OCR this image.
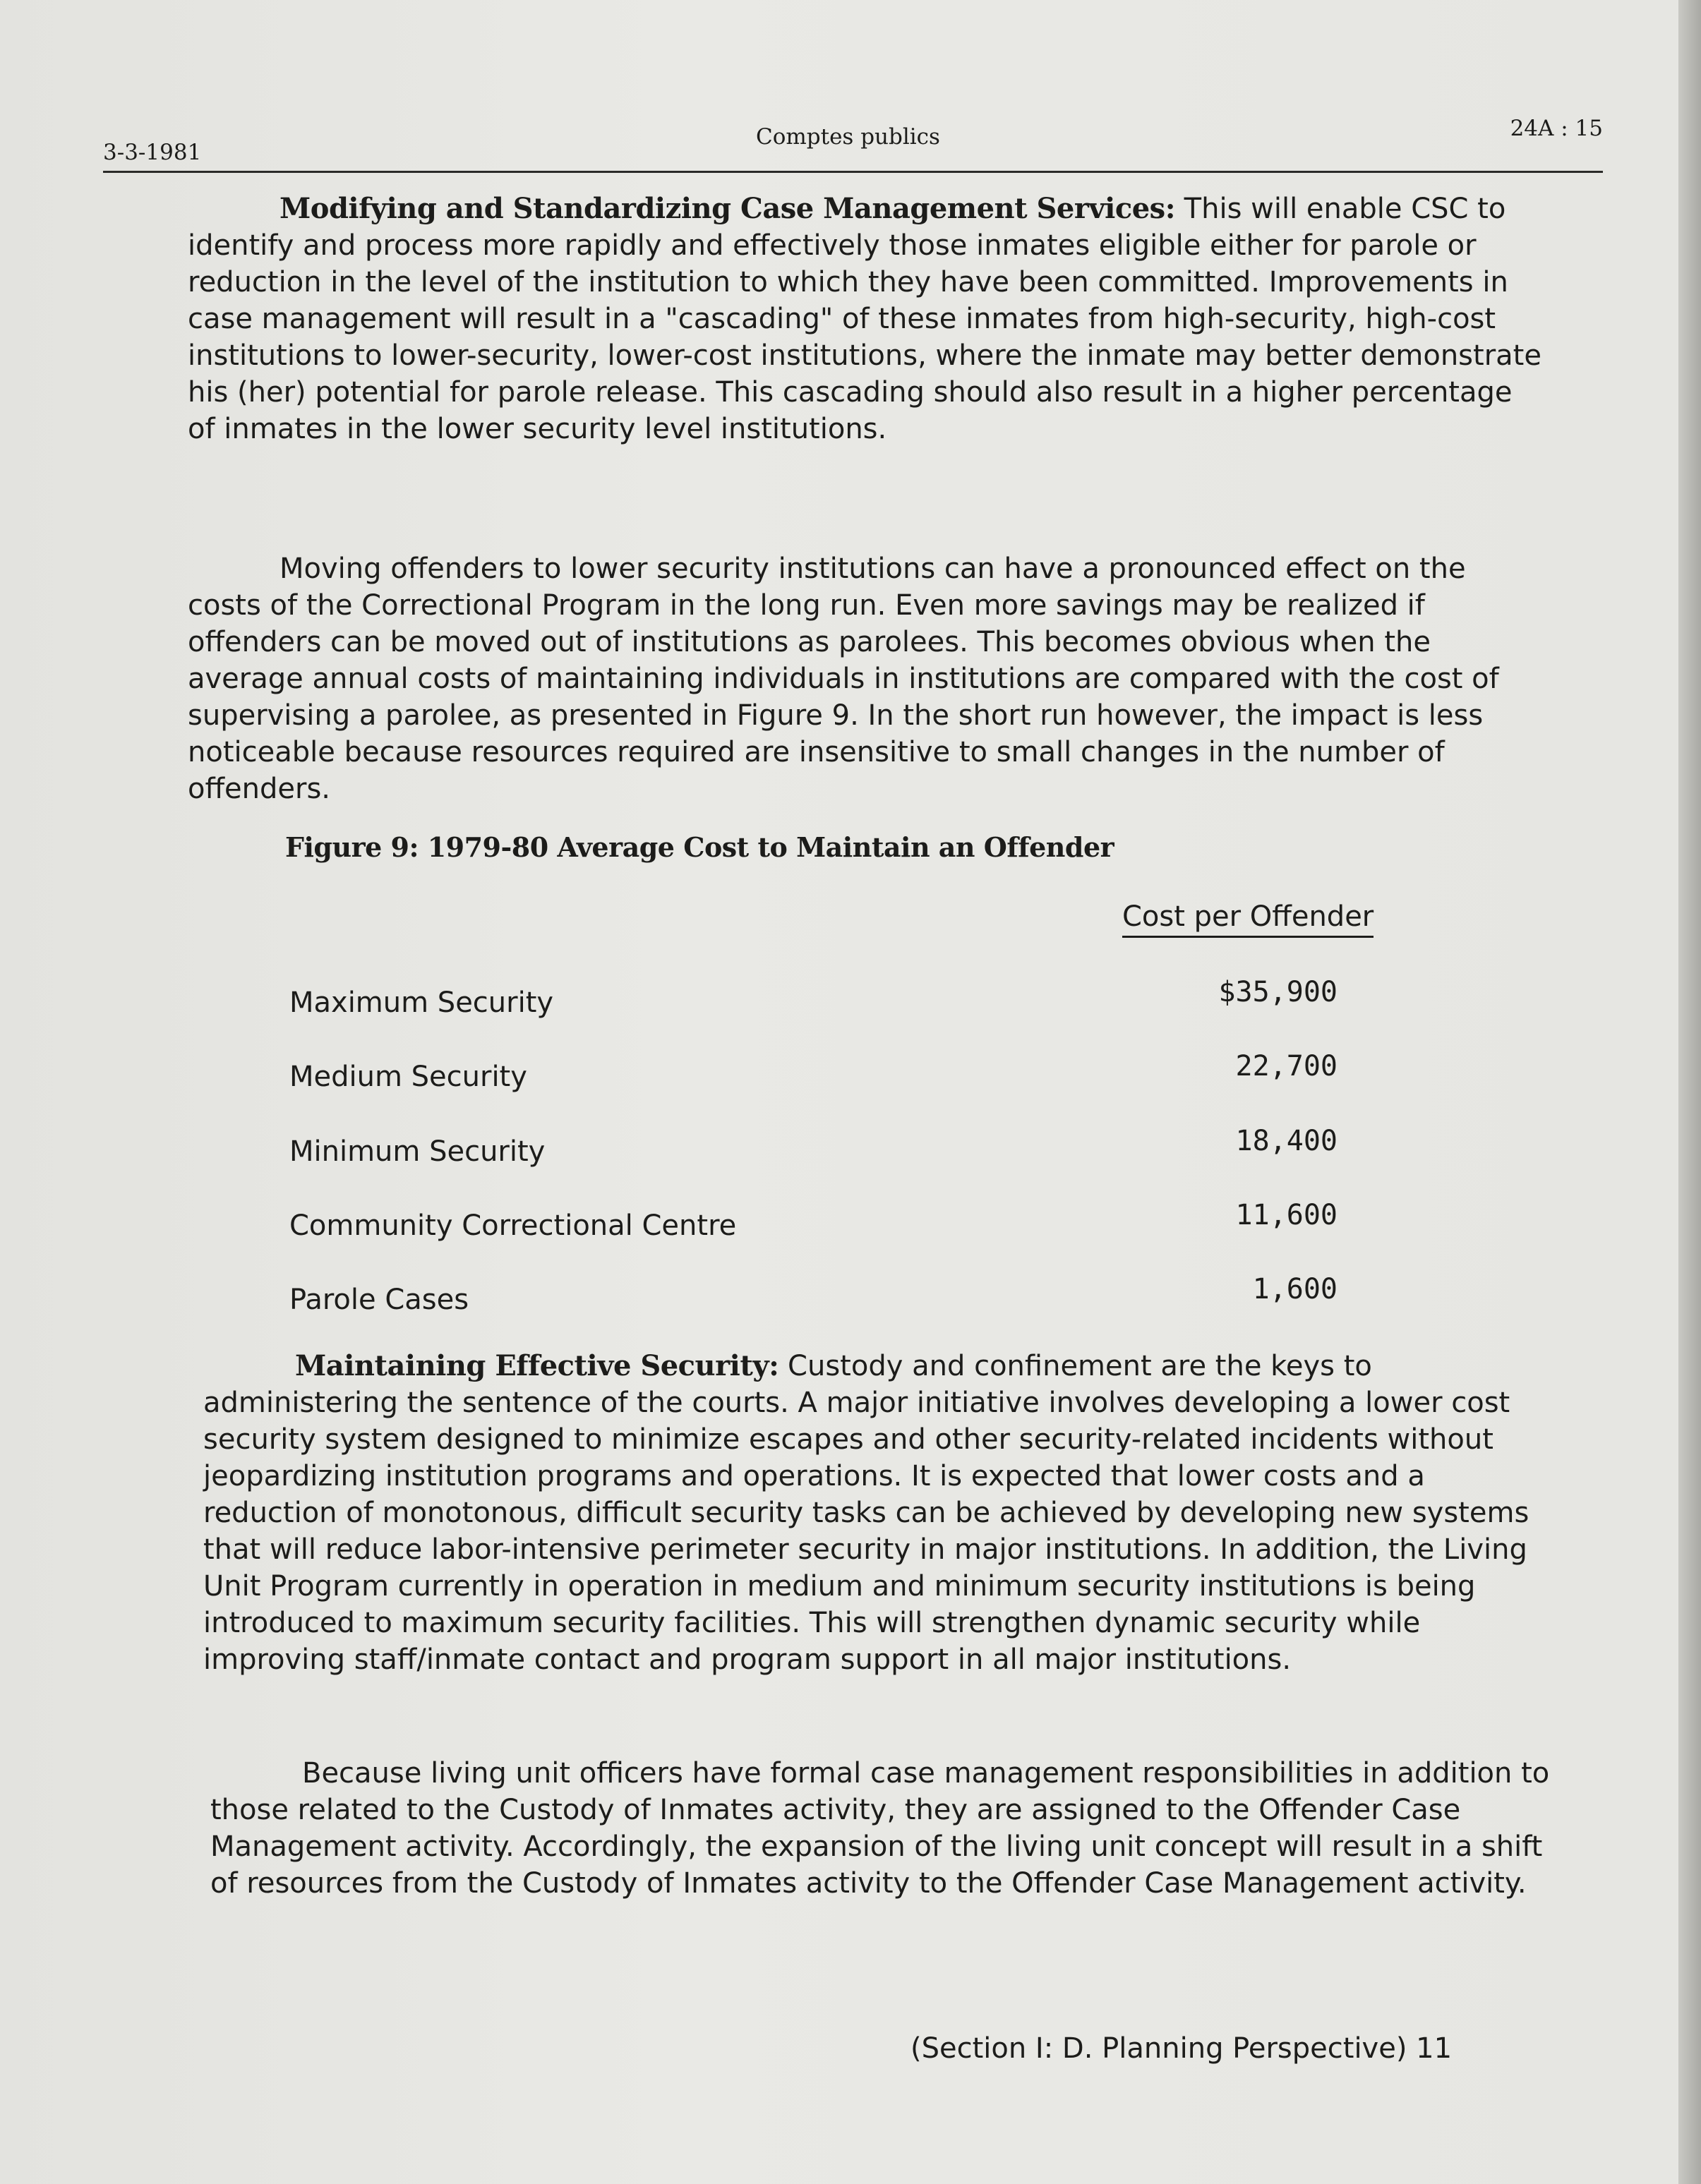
3-3-1981
Comptes publics	24A : 15

Modifying and Standardizing Case Management Services: This will enable CSC to identify and process more rapidly and effectively those inmates eligible either for parole or reduction in the level of the institution to which they have been committed. Improvements in case management will result in a "cascading" of these inmates from high-security, high-cost institutions to lower-security, lower-cost institutions, where the inmate may better demonstrate his (her) potential for parole release. This cascading should also result in a higher percentage of inmates in the lower security level institutions.

Moving offenders to lower security institutions can have a pronounced effect on the costs of the Correctional Program in the long run. Even more savings may be realized if offenders can be moved out of institutions as parolees. This becomes obvious when the average annual costs of maintaining individuals in institutions are compared with the cost of supervising a parolee, as presented in Figure 9. In the short run however, the impact is less noticeable because resources required are insensitive to small changes in the number of offenders.

Figure 9: 1979-80 Average Cost to Maintain an Offender
Cost per Offender
Maximum Security	$35,900
Medium Security	22,700
Minimum Security	18,400
Community Correctional Centre	11,600
Parole Cases	1,600

Maintaining Effective Security: Custody and confinement are the keys to administering the sentence of the courts. A major initiative involves developing a lower cost security system designed to minimize escapes and other security-related incidents without jeopardizing institution programs and operations. It is expected that lower costs and a reduction of monotonous, difficult security tasks can be achieved by developing new systems that will reduce labor-intensive perimeter security in major institutions. In addition, the Living Unit Program currently in operation in medium and minimum security institutions is being introduced to maximum security facilities. This will strengthen dynamic security while improving staff/inmate contact and program support in all major institutions.

Because living unit officers have formal case management responsibilities in addition to those related to the Custody of Inmates activity, they are assigned to the Offender Case Management activity. Accordingly, the expansion of the living unit concept will result in a shift of resources from the Custody of Inmates activity to the Offender Case Management activity.

(Section I: D. Planning Perspective) 11
